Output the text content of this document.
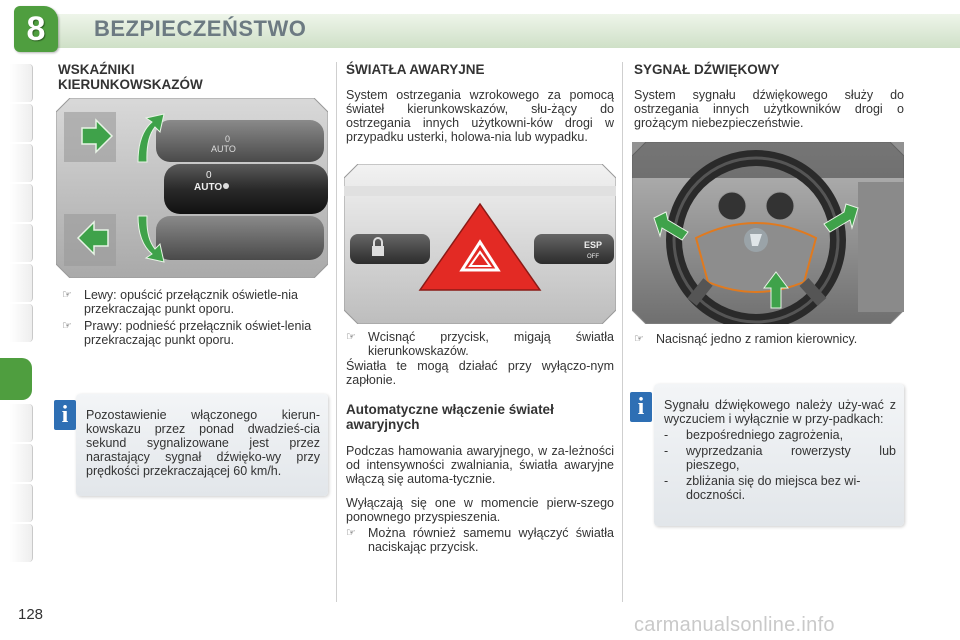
8 BEZPIECZEŃSTWO
WSKAŹNIKI
KIERUNKOWSKAZÓW
AUTO
0
AUTO
0
☞ Lewy: opuścić przełącznik oświetle-nia przekraczając punkt oporu.
☞ Prawy: podnieść przełącznik oświet-lenia przekraczając punkt oporu.
Pozostawienie włączonego kierun-kowskazu przez ponad dwadzieś-cia sekund sygnalizowane jest przez narastający sygnał dźwięko-wy przy prędkości przekraczającej 60 km/h.
i
ŚWIATŁA AWARYJNE
System ostrzegania wzrokowego za pomocą świateł kierunkowskazów, słu-żący do ostrzegania innych użytkowni-ków drogi w przypadku usterki, holowa-nia lub wypadku.
ESP
OFF
☞ Wcisnąć przycisk, migają światła kierunkowskazów.
Światła te mogą działać przy wyłączo-nym zapłonie.
Automatyczne włączenie świateł
awaryjnych
Podczas hamowania awaryjnego, w za-leżności od intensywności zwalniania, światła awaryjne włączą się automa-tycznie.
Wyłączają się one w momencie pierw-szego ponownego przyspieszenia.
☞ Można również samemu wyłączyć światła naciskając przycisk.
SYGNAŁ DŹWIĘKOWY
System sygnału dźwiękowego służy do ostrzegania innych użytkowników drogi o grożącym niebezpieczeństwie.
☞ Nacisnąć jedno z ramion kierownicy.
Sygnału dźwiękowego należy uży-wać z wyczuciem i wyłącznie w przy-padkach:
-	bezpośredniego zagrożenia,
-	wyprzedzania rowerzysty lub pieszego,
-	zbliżania się do miejsca bez wi-doczności.
i
128	carmanualsonline.info
